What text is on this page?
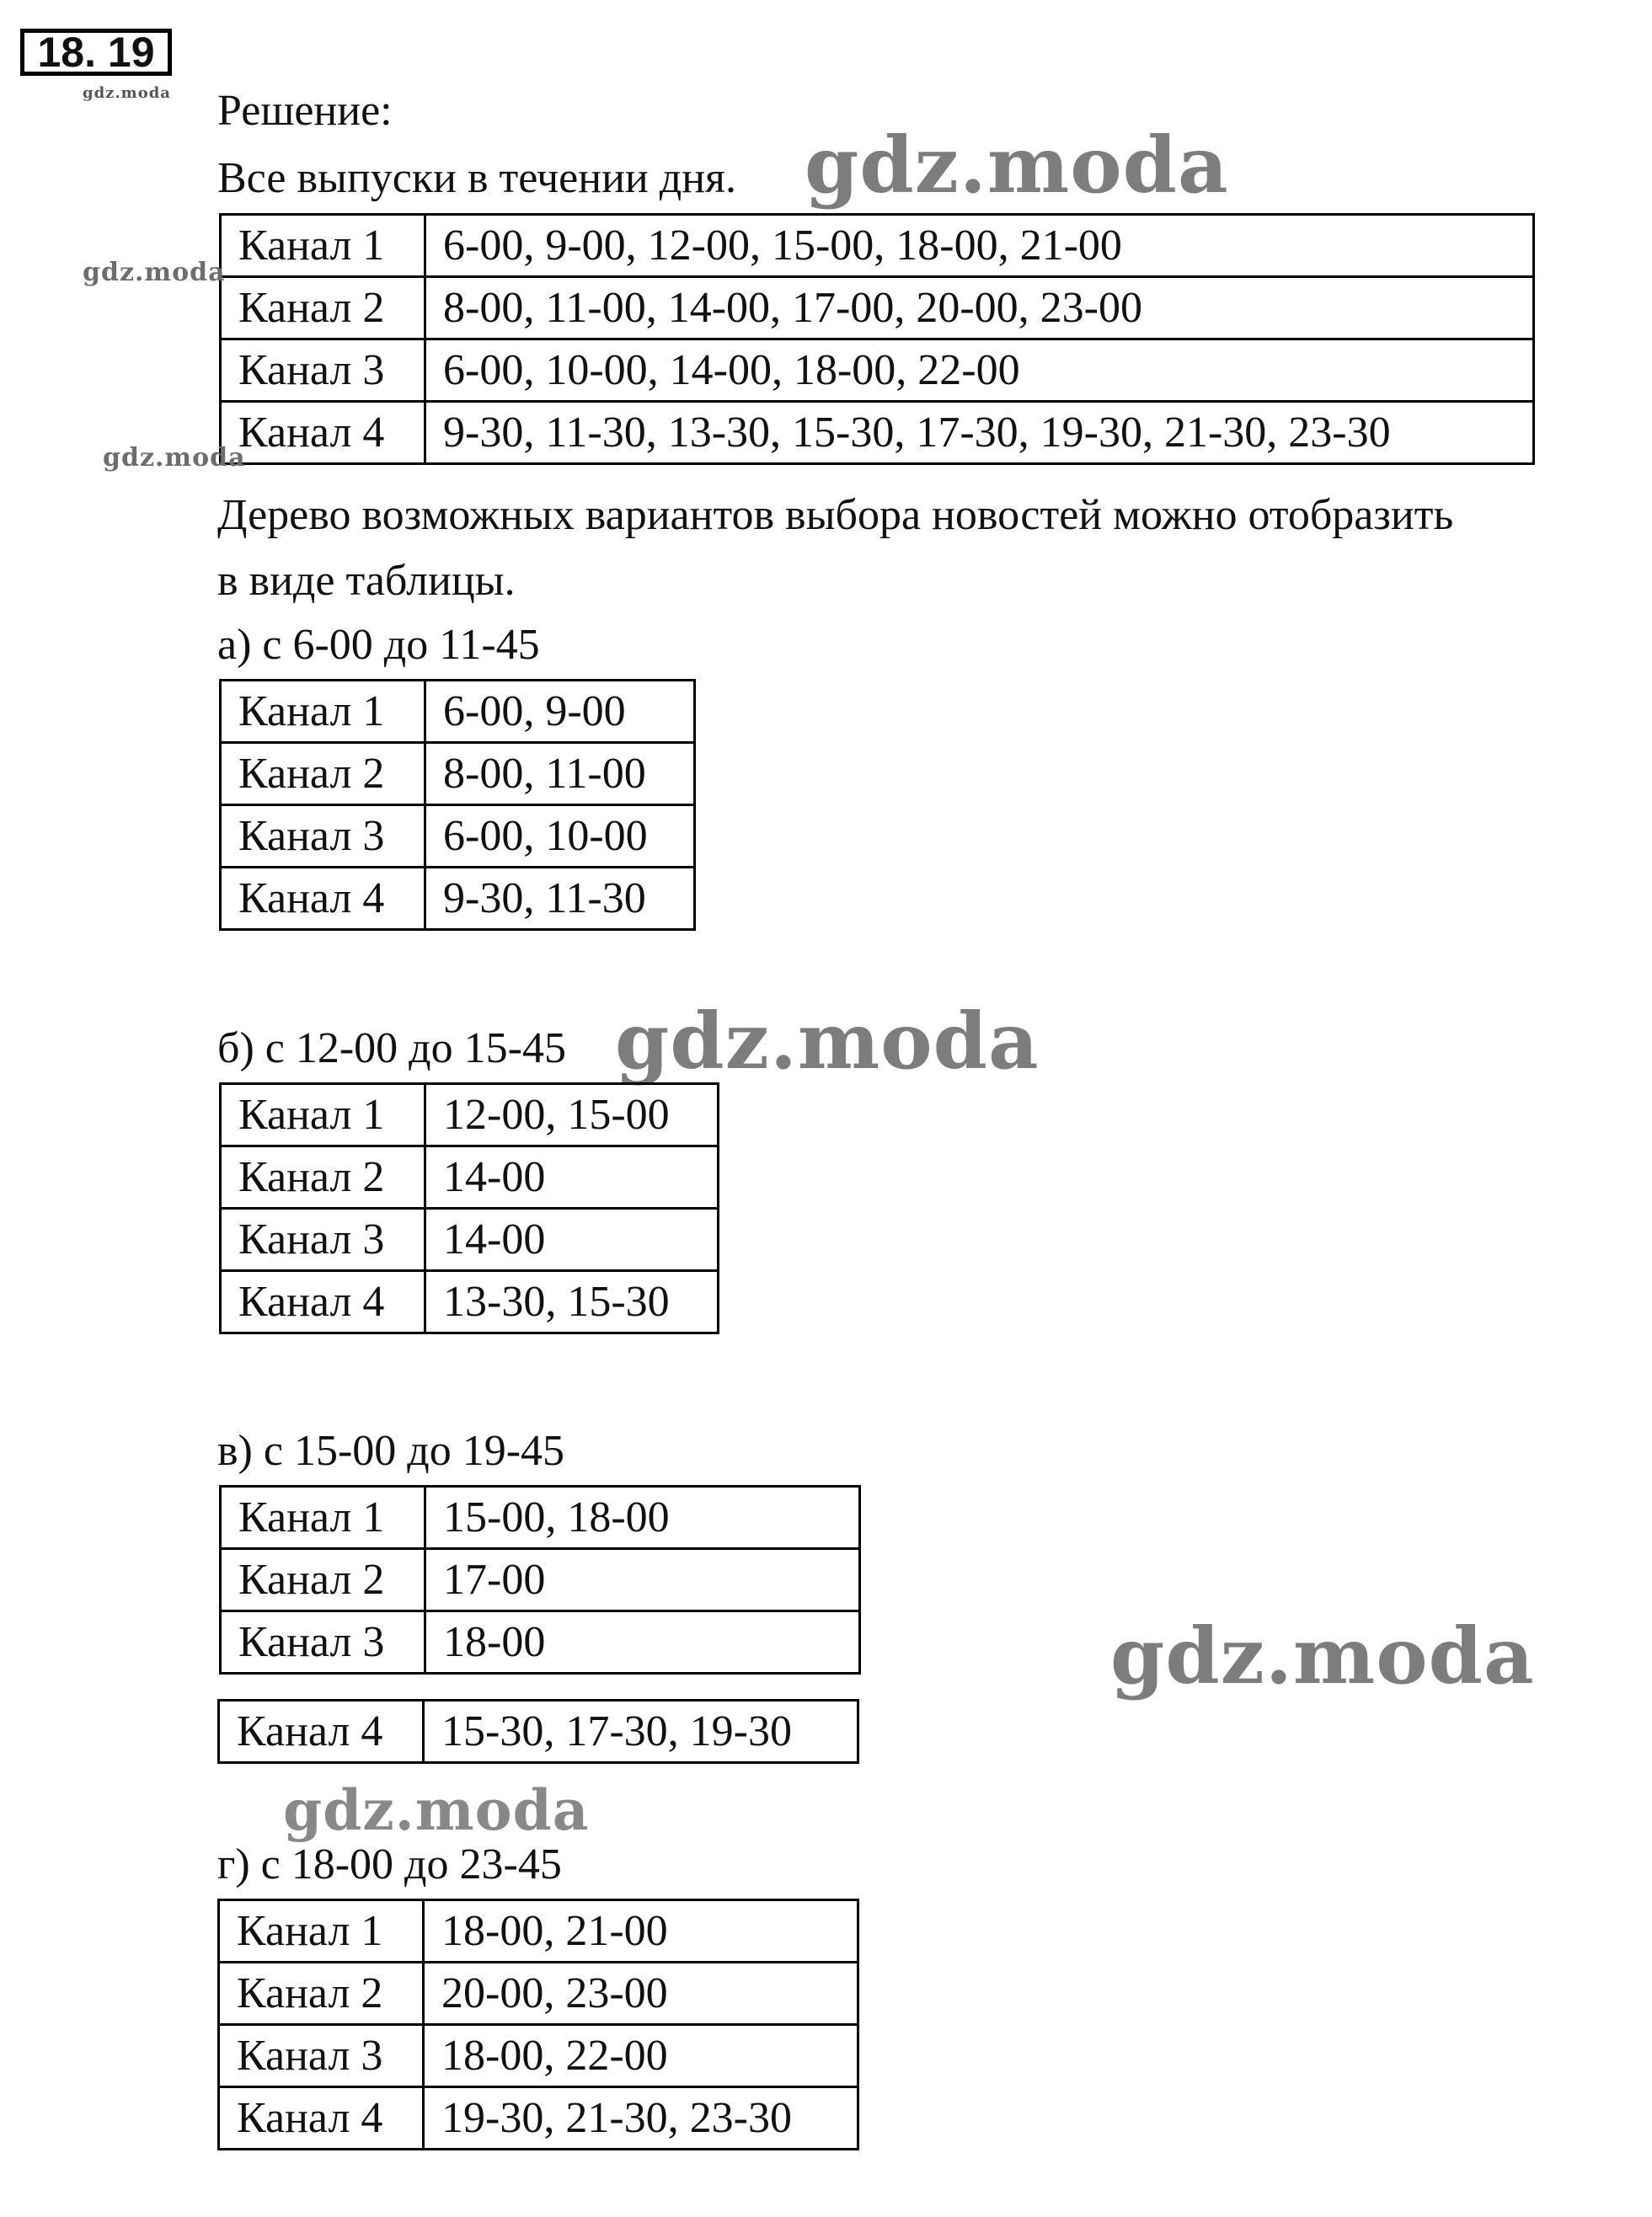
18. 19
gdz.moda Решение:
Все выпуски в течении дня. gdz.moda
Канал 1	6-00, 9-00, 12-00, 15-00, 18-00, 21-00
Канал 2	8-00, 11-00, 14-00, 17-00, 20-00, 23-00
Канал 3	6-00, 10-00, 14-00, 18-00, 22-00
Канал 4	9-30, 11-30, 13-30, 15-30, 17-30, 19-30, 21-30, 23-30
gdz.moda
gdz.moda
Дерево возможных вариантов выбора новостей можно отобразить
в виде таблицы.
а) с 6-00 до 11-45
Канал 1	6-00, 9-00
Канал 2	8-00, 11-00
Канал 3	6-00, 10-00
Канал 4	9-30, 11-30
б) с 12-00 до 15-45 gdz.moda
Канал 1	12-00, 15-00
Канал 2	14-00
Канал 3	14-00
Канал 4	13-30, 15-30
в) с 15-00 до 19-45
Канал 1	15-00, 18-00
Канал 2	17-00
Канал 3	18-00
Канал 4	15-30, 17-30, 19-30
gdz.moda
gdz.moda
г) с 18-00 до 23-45
Канал 1	18-00, 21-00
Канал 2	20-00, 23-00
Канал 3	18-00, 22-00
Канал 4	19-30, 21-30, 23-30
